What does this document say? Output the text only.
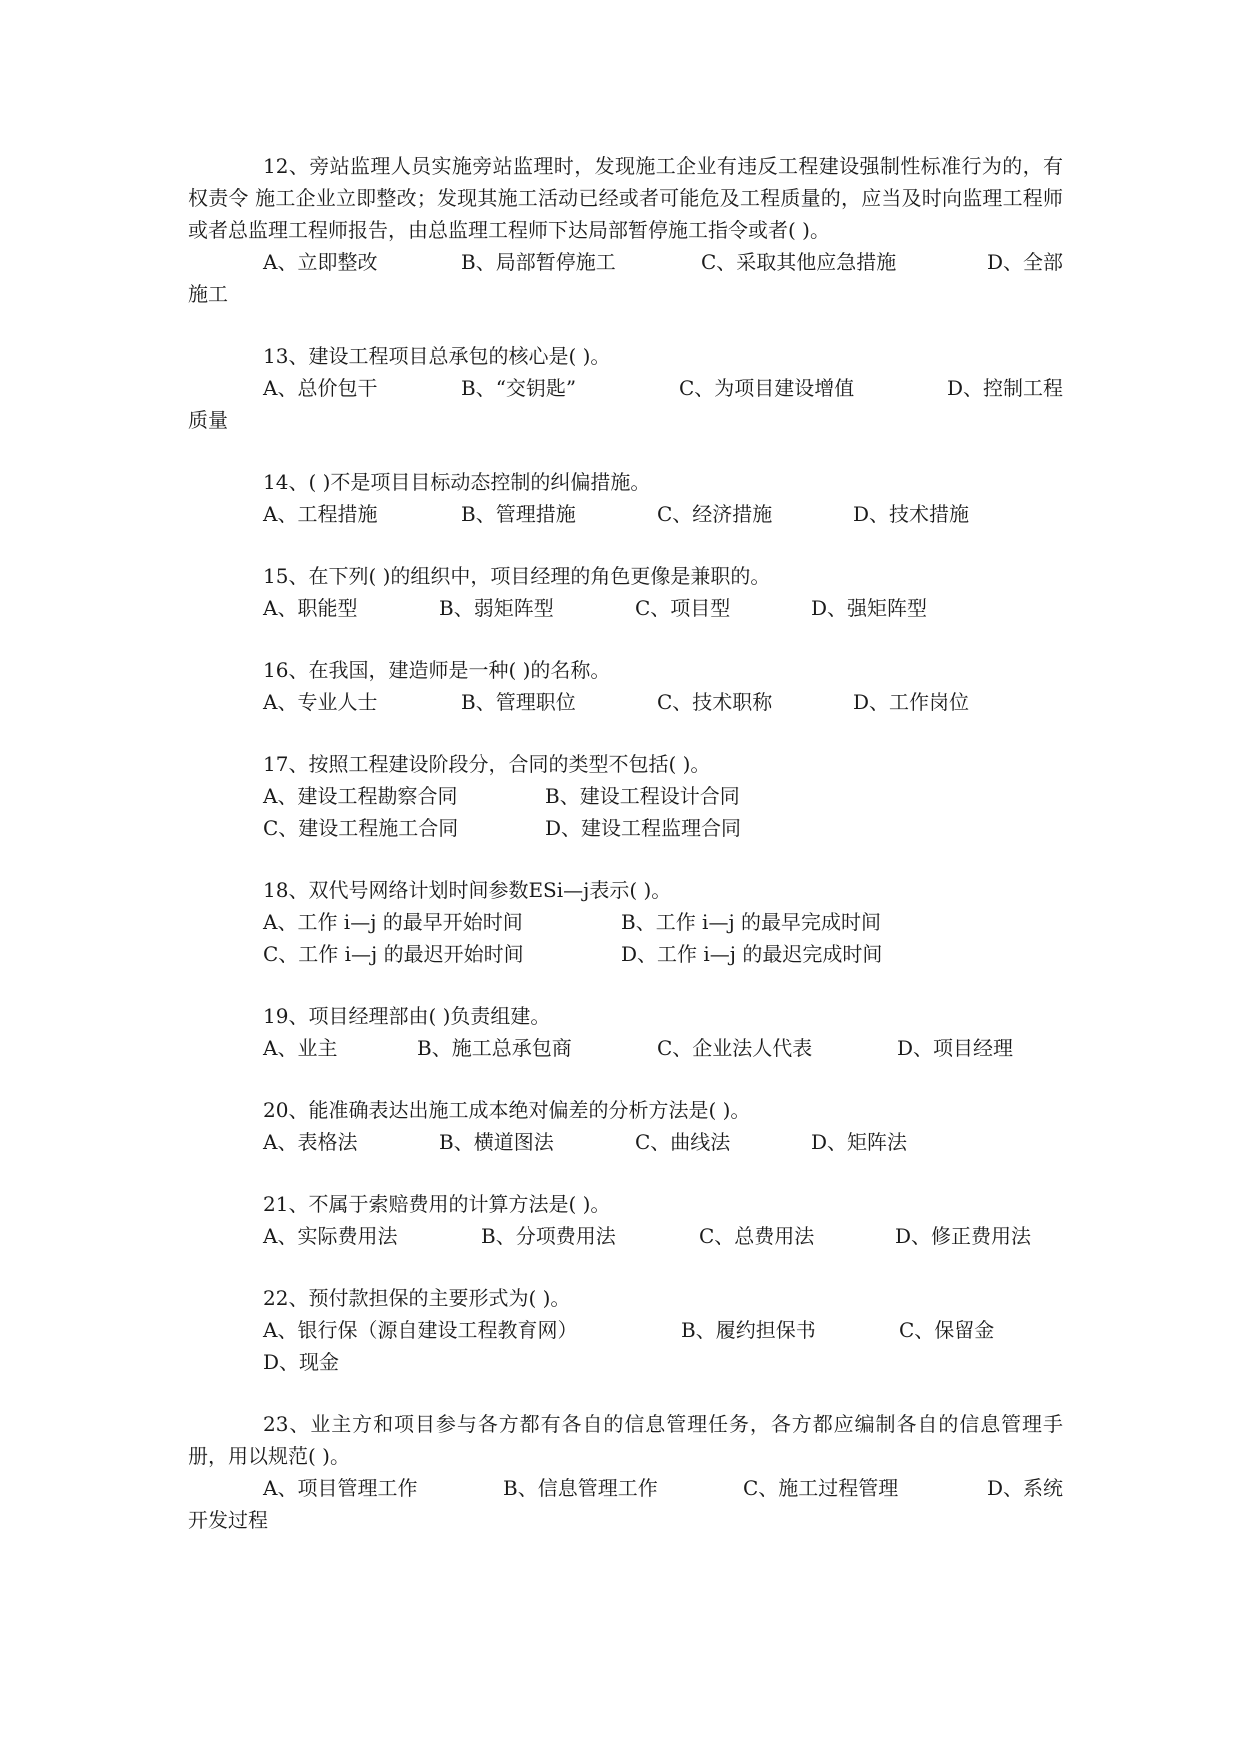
12、旁站监理人员实施旁站监理时，发现施工企业有违反工程建设强制性标准行为的，有权责令 施工企业立即整改；发现其施工活动已经或者可能危及工程质量的，应当及时向监理工程师或者总监理工程师报告，由总监理工程师下达局部暂停施工指令或者( )。
A、立即整改	B、局部暂停施工	C、采取其他应急措施	D、全部
施工
13、建设工程项目总承包的核心是( )。
A、总价包干	B、“交钥匙”	C、为项目建设增值	D、控制工程
质量
14、( )不是项目目标动态控制的纠偏措施。
A、工程措施	B、管理措施	C、经济措施	D、技术措施
15、在下列( )的组织中，项目经理的角色更像是兼职的。
A、职能型	B、弱矩阵型	C、项目型	D、强矩阵型
16、在我国，建造师是一种( )的名称。
A、专业人士	B、管理职位	C、技术职称	D、工作岗位
17、按照工程建设阶段分，合同的类型不包括( )。
A、建设工程勘察合同	B、建设工程设计合同
C、建设工程施工合同	D、建设工程监理合同
18、双代号网络计划时间参数ESi—j表示( )。
A、工作 i—j 的最早开始时间	B、工作 i—j 的最早完成时间
C、工作 i—j 的最迟开始时间	D、工作 i—j 的最迟完成时间
19、项目经理部由( )负责组建。
A、业主	B、施工总承包商	C、企业法人代表	D、项目经理
20、能准确表达出施工成本绝对偏差的分析方法是( )。
A、表格法	B、横道图法	C、曲线法	D、矩阵法
21、不属于索赔费用的计算方法是( )。
A、实际费用法	B、分项费用法	C、总费用法	D、修正费用法
22、预付款担保的主要形式为( )。
A、银行保（源自建设工程教育网）	B、履约担保书	C、保留金
D、现金
23、业主方和项目参与各方都有各自的信息管理任务，各方都应编制各自的信息管理手册，用以规范( )。
A、项目管理工作	B、信息管理工作	C、施工过程管理	D、系统
开发过程
